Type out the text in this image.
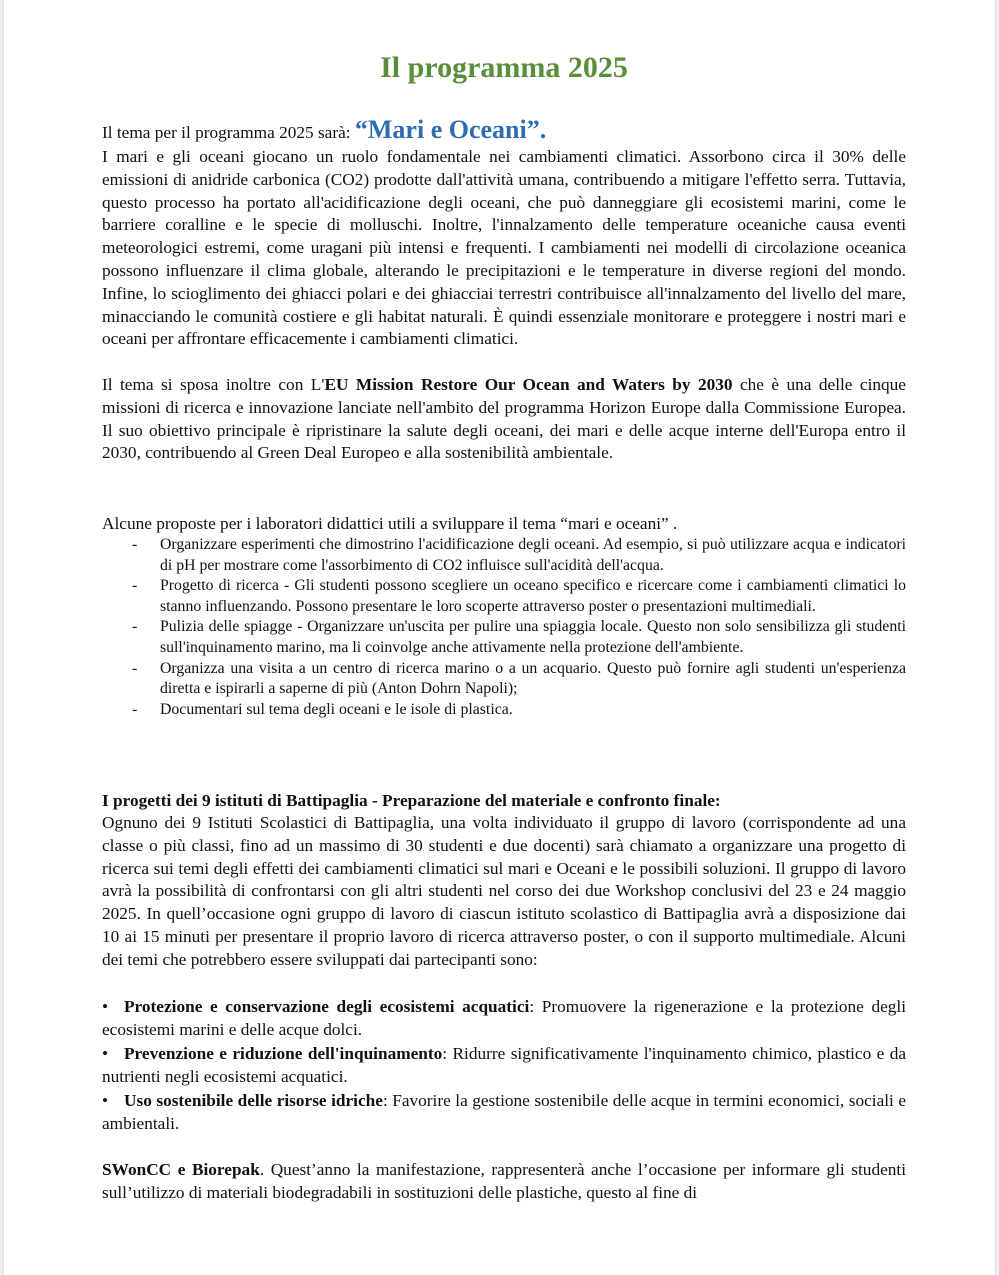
Il programma 2025

Il tema per il programma 2025 sarà: “Mari e Oceani”.

I mari e gli oceani giocano un ruolo fondamentale nei cambiamenti climatici. Assorbono circa il 30% delle emissioni di anidride carbonica (CO2) prodotte dall'attività umana, contribuendo a mitigare l'effetto serra. Tuttavia, questo processo ha portato all'acidificazione degli oceani, che può danneggiare gli ecosistemi marini, come le barriere coralline e le specie di molluschi. Inoltre, l'innalzamento delle temperature oceaniche causa eventi meteorologici estremi, come uragani più intensi e frequenti. I cambiamenti nei modelli di circolazione oceanica possono influenzare il clima globale, alterando le precipitazioni e le temperature in diverse regioni del mondo. Infine, lo scioglimento dei ghiacci polari e dei ghiacciai terrestri contribuisce all'innalzamento del livello del mare, minacciando le comunità costiere e gli habitat naturali. È quindi essenziale monitorare e proteggere i nostri mari e oceani per affrontare efficacemente i cambiamenti climatici.

Il tema si sposa inoltre con L'EU Mission Restore Our Ocean and Waters by 2030 che è una delle cinque missioni di ricerca e innovazione lanciate nell'ambito del programma Horizon Europe dalla Commissione Europea. Il suo obiettivo principale è ripristinare la salute degli oceani, dei mari e delle acque interne dell'Europa entro il 2030, contribuendo al Green Deal Europeo e alla sostenibilità ambientale.

Alcune proposte per i laboratori didattici utili a sviluppare il tema “mari e oceani” .

- Organizzare esperimenti che dimostrino l'acidificazione degli oceani. Ad esempio, si può utilizzare acqua e indicatori di pH per mostrare come l'assorbimento di CO2 influisce sull'acidità dell'acqua.
- Progetto di ricerca - Gli studenti possono scegliere un oceano specifico e ricercare come i cambiamenti climatici lo stanno influenzando. Possono presentare le loro scoperte attraverso poster o presentazioni multimediali.
- Pulizia delle spiagge - Organizzare un'uscita per pulire una spiaggia locale. Questo non solo sensibilizza gli studenti sull'inquinamento marino, ma li coinvolge anche attivamente nella protezione dell'ambiente.
- Organizza una visita a un centro di ricerca marino o a un acquario. Questo può fornire agli studenti un'esperienza diretta e ispirarli a saperne di più (Anton Dohrn Napoli);
- Documentari sul tema degli oceani e le isole di plastica.

I progetti dei 9 istituti di Battipaglia - Preparazione del materiale e confronto finale:

Ognuno dei 9 Istituti Scolastici di Battipaglia, una volta individuato il gruppo di lavoro (corrispondente ad una classe o più classi, fino ad un massimo di 30 studenti e due docenti) sarà chiamato a organizzare una progetto di ricerca sui temi degli effetti dei cambiamenti climatici sul mari e Oceani e le possibili soluzioni. Il gruppo di lavoro avrà la possibilità di confrontarsi con gli altri studenti nel corso dei due Workshop conclusivi del 23 e 24 maggio 2025. In quell’occasione ogni gruppo di lavoro di ciascun istituto scolastico di Battipaglia avrà a disposizione dai 10 ai 15 minuti per presentare il proprio lavoro di ricerca attraverso poster, o con il supporto multimediale. Alcuni dei temi che potrebbero essere sviluppati dai partecipanti sono:

• Protezione e conservazione degli ecosistemi acquatici: Promuovere la rigenerazione e la protezione degli ecosistemi marini e delle acque dolci.
• Prevenzione e riduzione dell'inquinamento: Ridurre significativamente l'inquinamento chimico, plastico e da nutrienti negli ecosistemi acquatici.
• Uso sostenibile delle risorse idriche: Favorire la gestione sostenibile delle acque in termini economici, sociali e ambientali.

SWonCC e Biorepak. Quest’anno la manifestazione, rappresenterà anche l’occasione per informare gli studenti sull’utilizzo di materiali biodegradabili in sostituzioni delle plastiche, questo al fine di
